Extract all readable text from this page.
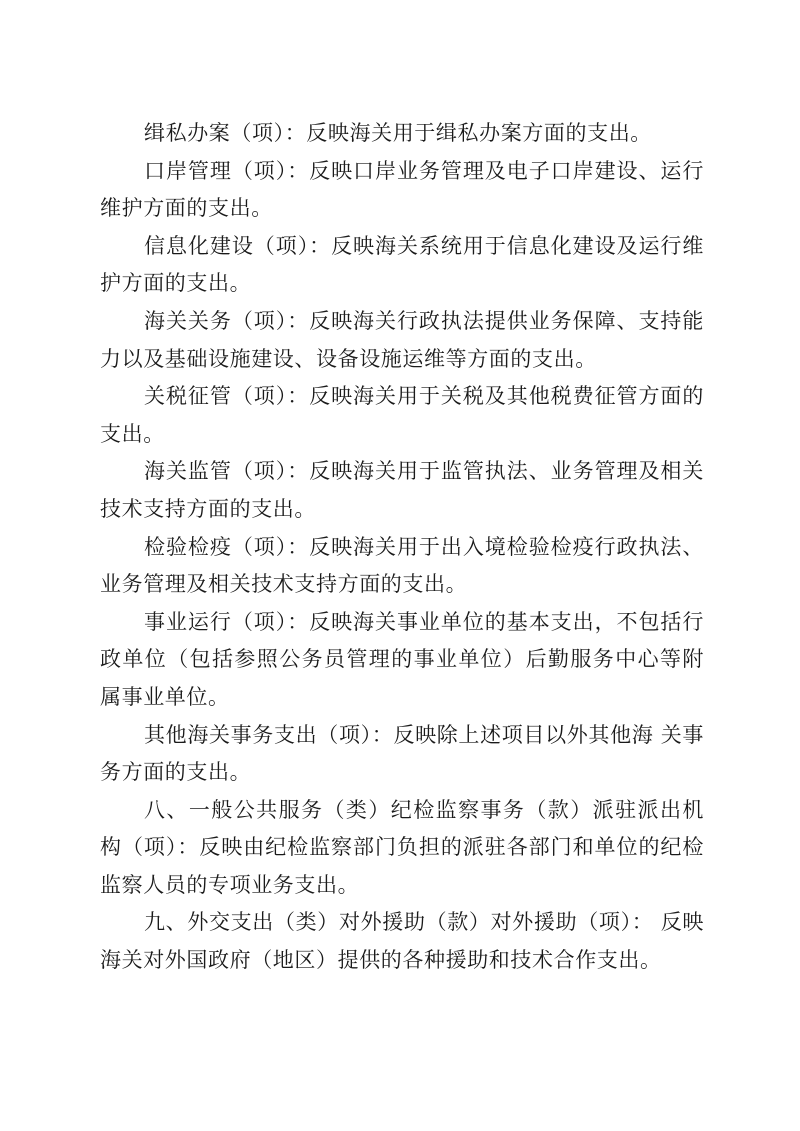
缉私办案（项）：反映海关用于缉私办案方面的支出。

口岸管理（项）：反映口岸业务管理及电子口岸建设、运行维护方面的支出。

信息化建设（项）：反映海关系统用于信息化建设及运行维护方面的支出。

海关关务（项）：反映海关行政执法提供业务保障、支持能力以及基础设施建设、设备设施运维等方面的支出。

关税征管（项）：反映海关用于关税及其他税费征管方面的支出。

海关监管（项）：反映海关用于监管执法、业务管理及相关技术支持方面的支出。

检验检疫（项）：反映海关用于出入境检验检疫行政执法、业务管理及相关技术支持方面的支出。

事业运行（项）：反映海关事业单位的基本支出，不包括行政单位（包括参照公务员管理的事业单位）后勤服务中心等附属事业单位。

其他海关事务支出（项）：反映除上述项目以外其他海 关事务方面的支出。

八、一般公共服务（类）纪检监察事务（款）派驻派出机构（项）：反映由纪检监察部门负担的派驻各部门和单位的纪检监察人员的专项业务支出。

九、外交支出（类）对外援助（款）对外援助（项）： 反映海关对外国政府（地区）提供的各种援助和技术合作支出。
